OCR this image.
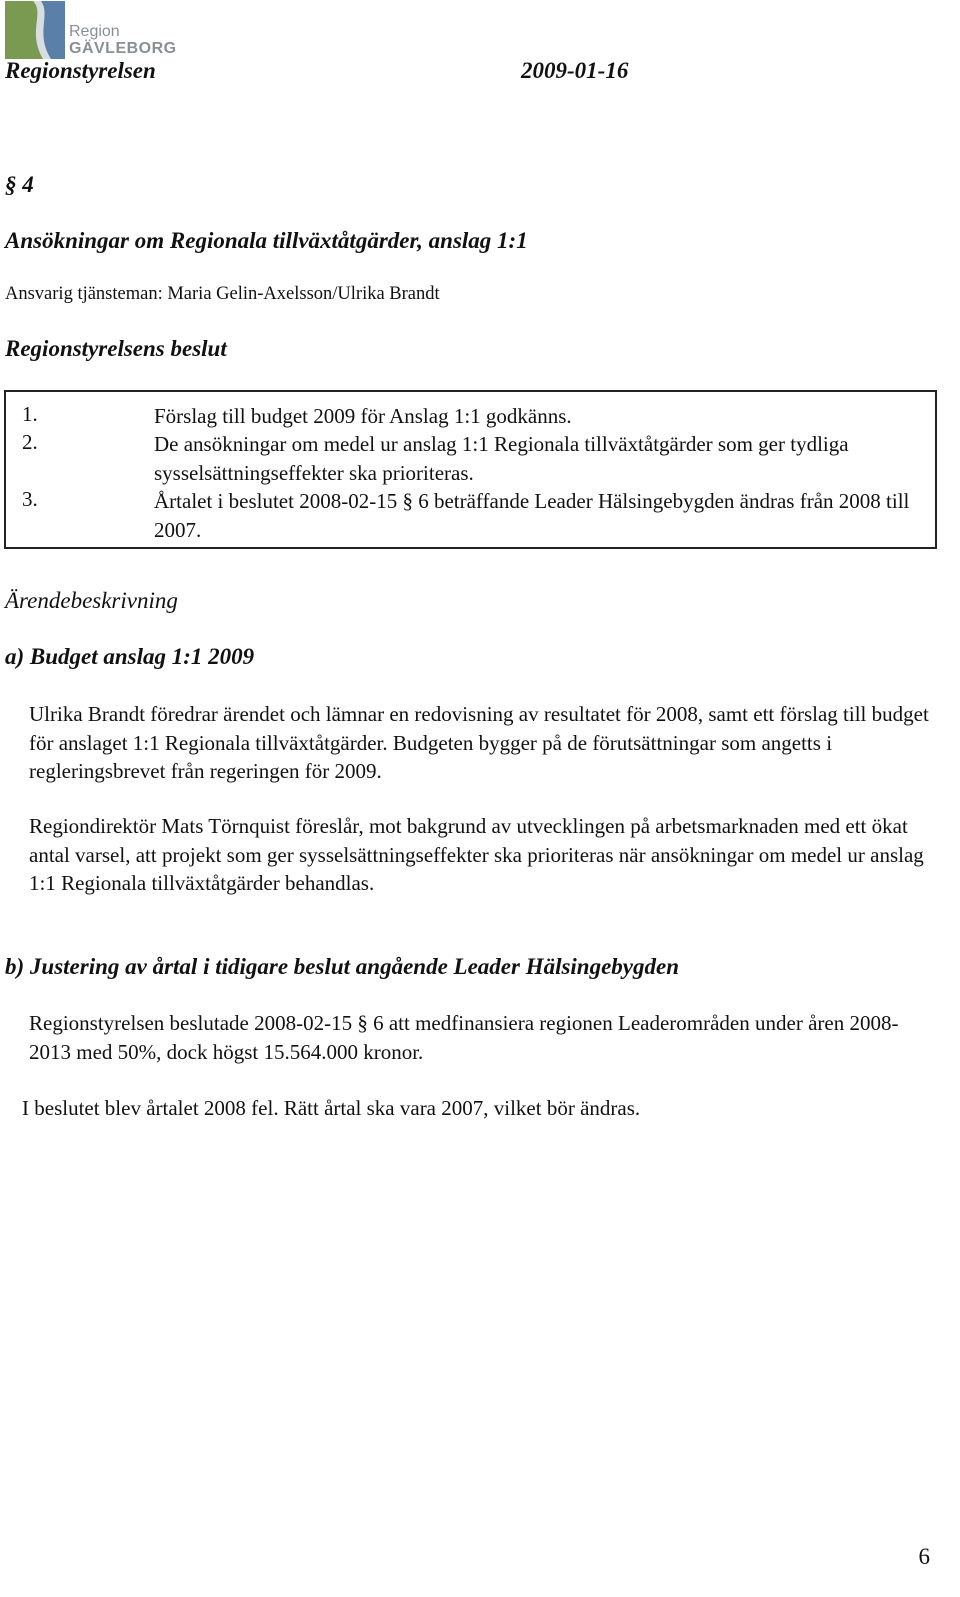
Region
GÄVLEBORG
Regionstyrelsen	2009-01-16
§ 4
Ansökningar om Regionala tillväxtåtgärder, anslag 1:1
Ansvarig tjänsteman: Maria Gelin-Axelsson/Ulrika Brandt
Regionstyrelsens beslut
1.	Förslag till budget 2009 för Anslag 1:1 godkänns.
2.	De ansökningar om medel ur anslag 1:1 Regionala tillväxtåtgärder som ger tydliga sysselsättningseffekter ska prioriteras.
3.	Årtalet i beslutet 2008-02-15 § 6 beträffande Leader Hälsingebygden ändras från 2008 till 2007.
Ärendebeskrivning
a) Budget anslag 1:1 2009
Ulrika Brandt föredrar ärendet och lämnar en redovisning av resultatet för 2008, samt ett förslag till budget för anslaget 1:1 Regionala tillväxtåtgärder. Budgeten bygger på de förutsättningar som angetts i regleringsbrevet från regeringen för 2009.
Regiondirektör Mats Törnquist föreslår, mot bakgrund av utvecklingen på arbetsmarknaden med ett ökat antal varsel, att projekt som ger sysselsättningseffekter ska prioriteras när ansökningar om medel ur anslag 1:1 Regionala tillväxtåtgärder behandlas.
b) Justering av årtal i tidigare beslut angående Leader Hälsingebygden
Regionstyrelsen beslutade 2008-02-15 § 6 att medfinansiera regionen Leaderområden under åren 2008-2013 med 50%, dock högst 15.564.000 kronor.
I beslutet blev årtalet 2008 fel. Rätt årtal ska vara 2007, vilket bör ändras.
6
